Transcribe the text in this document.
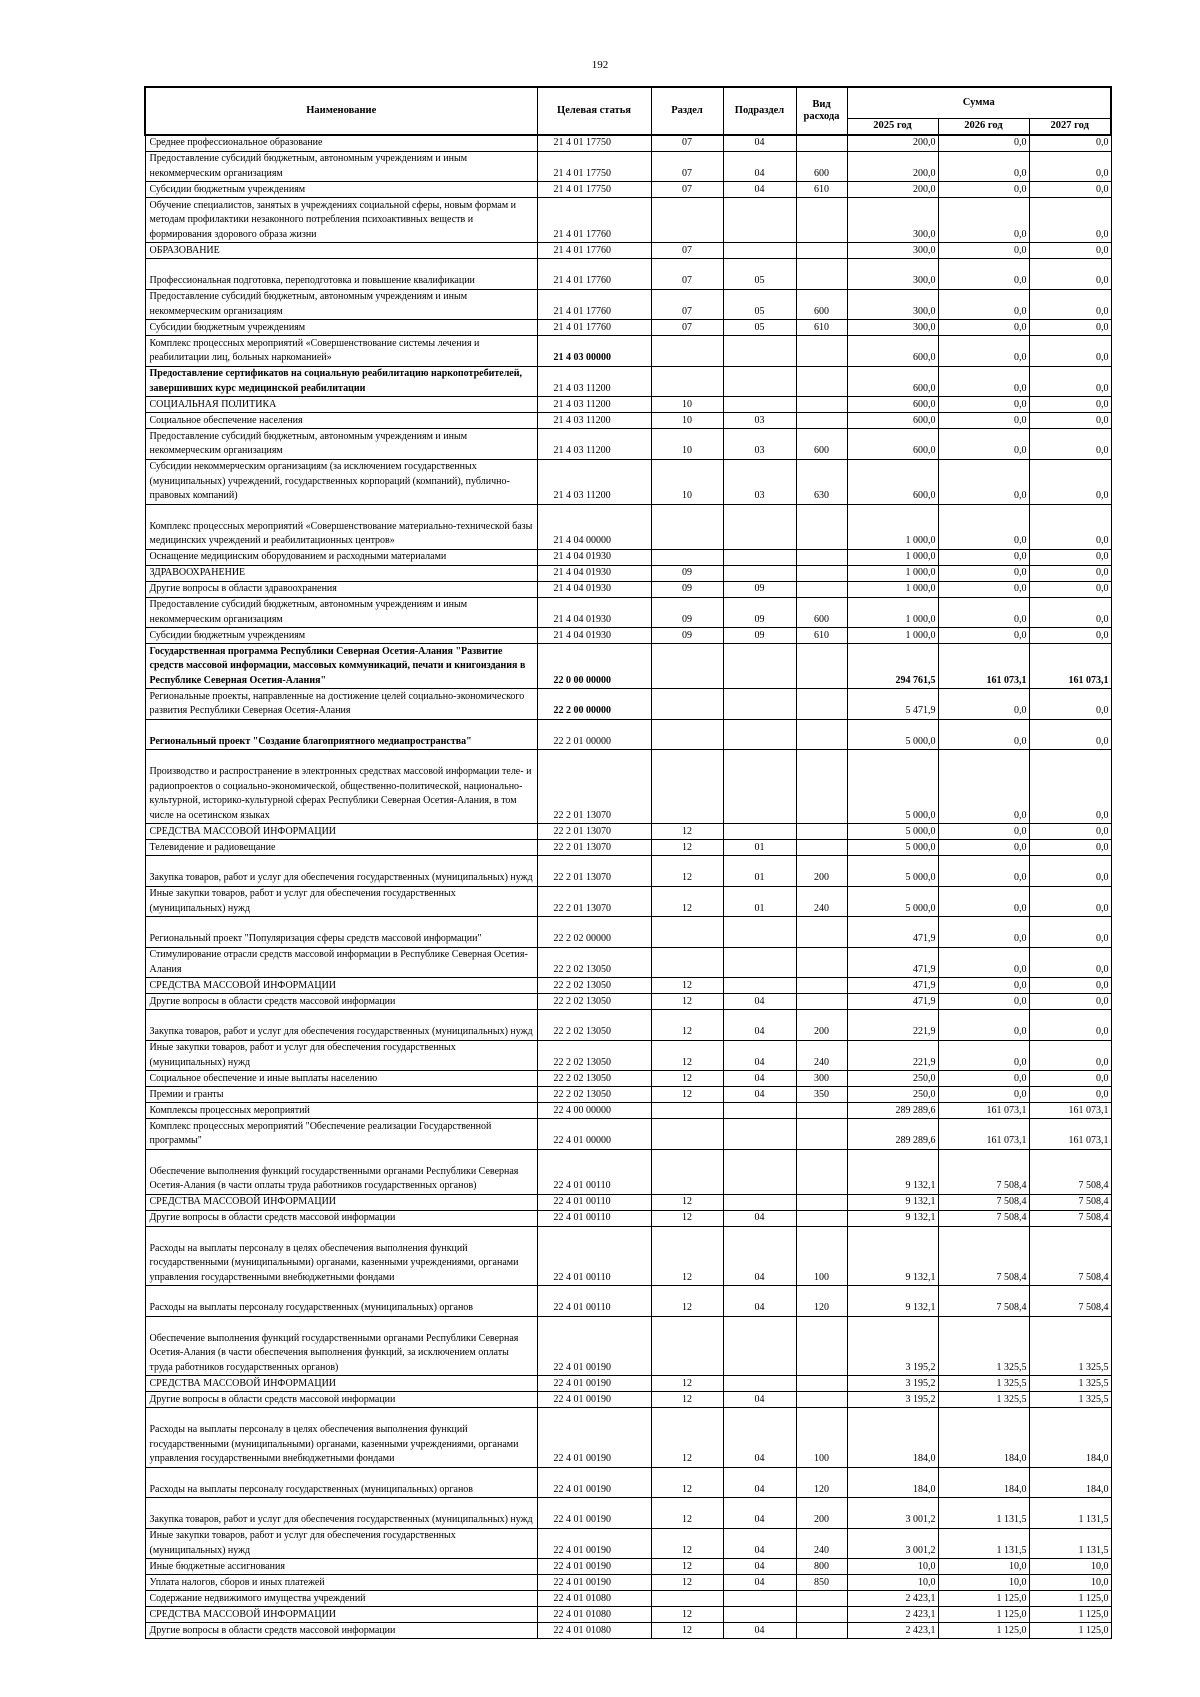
192
Наименование	Целевая статья	Раздел	Подраздел	Вид расхода	Сумма		
					2025 год	2026 год	2027 год
Среднее профессиональное образование	21 4 01 17750	07	04		200,0	0,0	0,0
Предоставление субсидий бюджетным, автономным учреждениям и иным некоммерческим организациям	21 4 01 17750	07	04	600	200,0	0,0	0,0
Субсидии бюджетным учреждениям	21 4 01 17750	07	04	610	200,0	0,0	0,0
Обучение специалистов, занятых в учреждениях социальной сферы, новым формам и методам профилактики незаконного потребления психоактивных веществ и формирования здорового образа жизни	21 4 01 17760				300,0	0,0	0,0
ОБРАЗОВАНИЕ	21 4 01 17760	07			300,0	0,0	0,0
Профессиональная подготовка, переподготовка и повышение квалификации	21 4 01 17760	07	05		300,0	0,0	0,0
Предоставление субсидий бюджетным, автономным учреждениям и иным некоммерческим организациям	21 4 01 17760	07	05	600	300,0	0,0	0,0
Субсидии бюджетным учреждениям	21 4 01 17760	07	05	610	300,0	0,0	0,0
Комплекс процессных мероприятий «Совершенствование системы лечения и реабилитации лиц, больных наркоманией»	21 4 03 00000				600,0	0,0	0,0
Предоставление сертификатов на социальную реабилитацию наркопотребителей, завершивших курс медицинской реабилитации	21 4 03 11200				600,0	0,0	0,0
СОЦИАЛЬНАЯ ПОЛИТИКА	21 4 03 11200	10			600,0	0,0	0,0
Социальное обеспечение населения	21 4 03 11200	10	03		600,0	0,0	0,0
Предоставление субсидий бюджетным, автономным учреждениям и иным некоммерческим организациям	21 4 03 11200	10	03	600	600,0	0,0	0,0
Субсидии некоммерческим организациям (за исключением государственных (муниципальных) учреждений, государственных корпораций (компаний), публично-правовых компаний)	21 4 03 11200	10	03	630	600,0	0,0	0,0
Комплекс процессных мероприятий «Совершенствование материально-технической базы медицинских учреждений и реабилитационных центров»	21 4 04 00000				1 000,0	0,0	0,0
Оснащение медицинским оборудованием и расходными материалами	21 4 04 01930				1 000,0	0,0	0,0
ЗДРАВООХРАНЕНИЕ	21 4 04 01930	09			1 000,0	0,0	0,0
Другие вопросы в области здравоохранения	21 4 04 01930	09	09		1 000,0	0,0	0,0
Предоставление субсидий бюджетным, автономным учреждениям и иным некоммерческим организациям	21 4 04 01930	09	09	600	1 000,0	0,0	0,0
Субсидии бюджетным учреждениям	21 4 04 01930	09	09	610	1 000,0	0,0	0,0
Государственная программа Республики Северная Осетия-Алания "Развитие средств массовой информации, массовых коммуникаций, печати и книгоиздания в Республике Северная Осетия-Алания"	22 0 00 00000				294 761,5	161 073,1	161 073,1
Региональные проекты, направленные на достижение целей социально-экономического развития Республики Северная Осетия-Алания	22 2 00 00000				5 471,9	0,0	0,0
Региональный проект "Создание благоприятного медиапространства"	22 2 01 00000				5 000,0	0,0	0,0
Производство и распространение в электронных средствах массовой информации теле- и радиопроектов о социально-экономической, общественно-политической, национально-культурной, историко-культурной сферах Республики Северная Осетия-Алания, в том числе на осетинском языках	22 2 01 13070				5 000,0	0,0	0,0
СРЕДСТВА МАССОВОЙ ИНФОРМАЦИИ	22 2 01 13070	12			5 000,0	0,0	0,0
Телевидение и радиовещание	22 2 01 13070	12	01		5 000,0	0,0	0,0
Закупка товаров, работ и услуг для обеспечения государственных (муниципальных) нужд	22 2 01 13070	12	01	200	5 000,0	0,0	0,0
Иные закупки товаров, работ и услуг для обеспечения государственных (муниципальных) нужд	22 2 01 13070	12	01	240	5 000,0	0,0	0,0
Региональный проект "Популяризация сферы средств массовой информации"	22 2 02 00000				471,9	0,0	0,0
Стимулирование отрасли средств массовой информации в Республике Северная Осетия-Алания	22 2 02 13050				471,9	0,0	0,0
СРЕДСТВА МАССОВОЙ ИНФОРМАЦИИ	22 2 02 13050	12			471,9	0,0	0,0
Другие вопросы в области средств массовой информации	22 2 02 13050	12	04		471,9	0,0	0,0
Закупка товаров, работ и услуг для обеспечения государственных (муниципальных) нужд	22 2 02 13050	12	04	200	221,9	0,0	0,0
Иные закупки товаров, работ и услуг для обеспечения государственных (муниципальных) нужд	22 2 02 13050	12	04	240	221,9	0,0	0,0
Социальное обеспечение и иные выплаты населению	22 2 02 13050	12	04	300	250,0	0,0	0,0
Премии и гранты	22 2 02 13050	12	04	350	250,0	0,0	0,0
Комплексы процессных мероприятий	22 4 00 00000				289 289,6	161 073,1	161 073,1
Комплекс процессных мероприятий "Обеспечение реализации Государственной программы"	22 4 01 00000				289 289,6	161 073,1	161 073,1
Обеспечение выполнения функций государственными органами Республики Северная Осетия-Алания (в части оплаты труда работников государственных органов)	22 4 01 00110				9 132,1	7 508,4	7 508,4
СРЕДСТВА МАССОВОЙ ИНФОРМАЦИИ	22 4 01 00110	12			9 132,1	7 508,4	7 508,4
Другие вопросы в области средств массовой информации	22 4 01 00110	12	04		9 132,1	7 508,4	7 508,4
Расходы на выплаты персоналу в целях обеспечения выполнения функций государственными (муниципальными) органами, казенными учреждениями, органами управления государственными внебюджетными фондами	22 4 01 00110	12	04	100	9 132,1	7 508,4	7 508,4
Расходы на выплаты персоналу государственных (муниципальных) органов	22 4 01 00110	12	04	120	9 132,1	7 508,4	7 508,4
Обеспечение выполнения функций государственными органами Республики Северная Осетия-Алания (в части обеспечения выполнения функций, за исключением оплаты труда работников государственных органов)	22 4 01 00190				3 195,2	1 325,5	1 325,5
СРЕДСТВА МАССОВОЙ ИНФОРМАЦИИ	22 4 01 00190	12			3 195,2	1 325,5	1 325,5
Другие вопросы в области средств массовой информации	22 4 01 00190	12	04		3 195,2	1 325,5	1 325,5
Расходы на выплаты персоналу в целях обеспечения выполнения функций государственными (муниципальными) органами, казенными учреждениями, органами управления государственными внебюджетными фондами	22 4 01 00190	12	04	100	184,0	184,0	184,0
Расходы на выплаты персоналу государственных (муниципальных) органов	22 4 01 00190	12	04	120	184,0	184,0	184,0
Закупка товаров, работ и услуг для обеспечения государственных (муниципальных) нужд	22 4 01 00190	12	04	200	3 001,2	1 131,5	1 131,5
Иные закупки товаров, работ и услуг для обеспечения государственных (муниципальных) нужд	22 4 01 00190	12	04	240	3 001,2	1 131,5	1 131,5
Иные бюджетные ассигнования	22 4 01 00190	12	04	800	10,0	10,0	10,0
Уплата налогов, сборов и иных платежей	22 4 01 00190	12	04	850	10,0	10,0	10,0
Содержание недвижимого имущества учреждений	22 4 01 01080				2 423,1	1 125,0	1 125,0
СРЕДСТВА МАССОВОЙ ИНФОРМАЦИИ	22 4 01 01080	12			2 423,1	1 125,0	1 125,0
Другие вопросы в области средств массовой информации	22 4 01 01080	12	04		2 423,1	1 125,0	1 125,0
